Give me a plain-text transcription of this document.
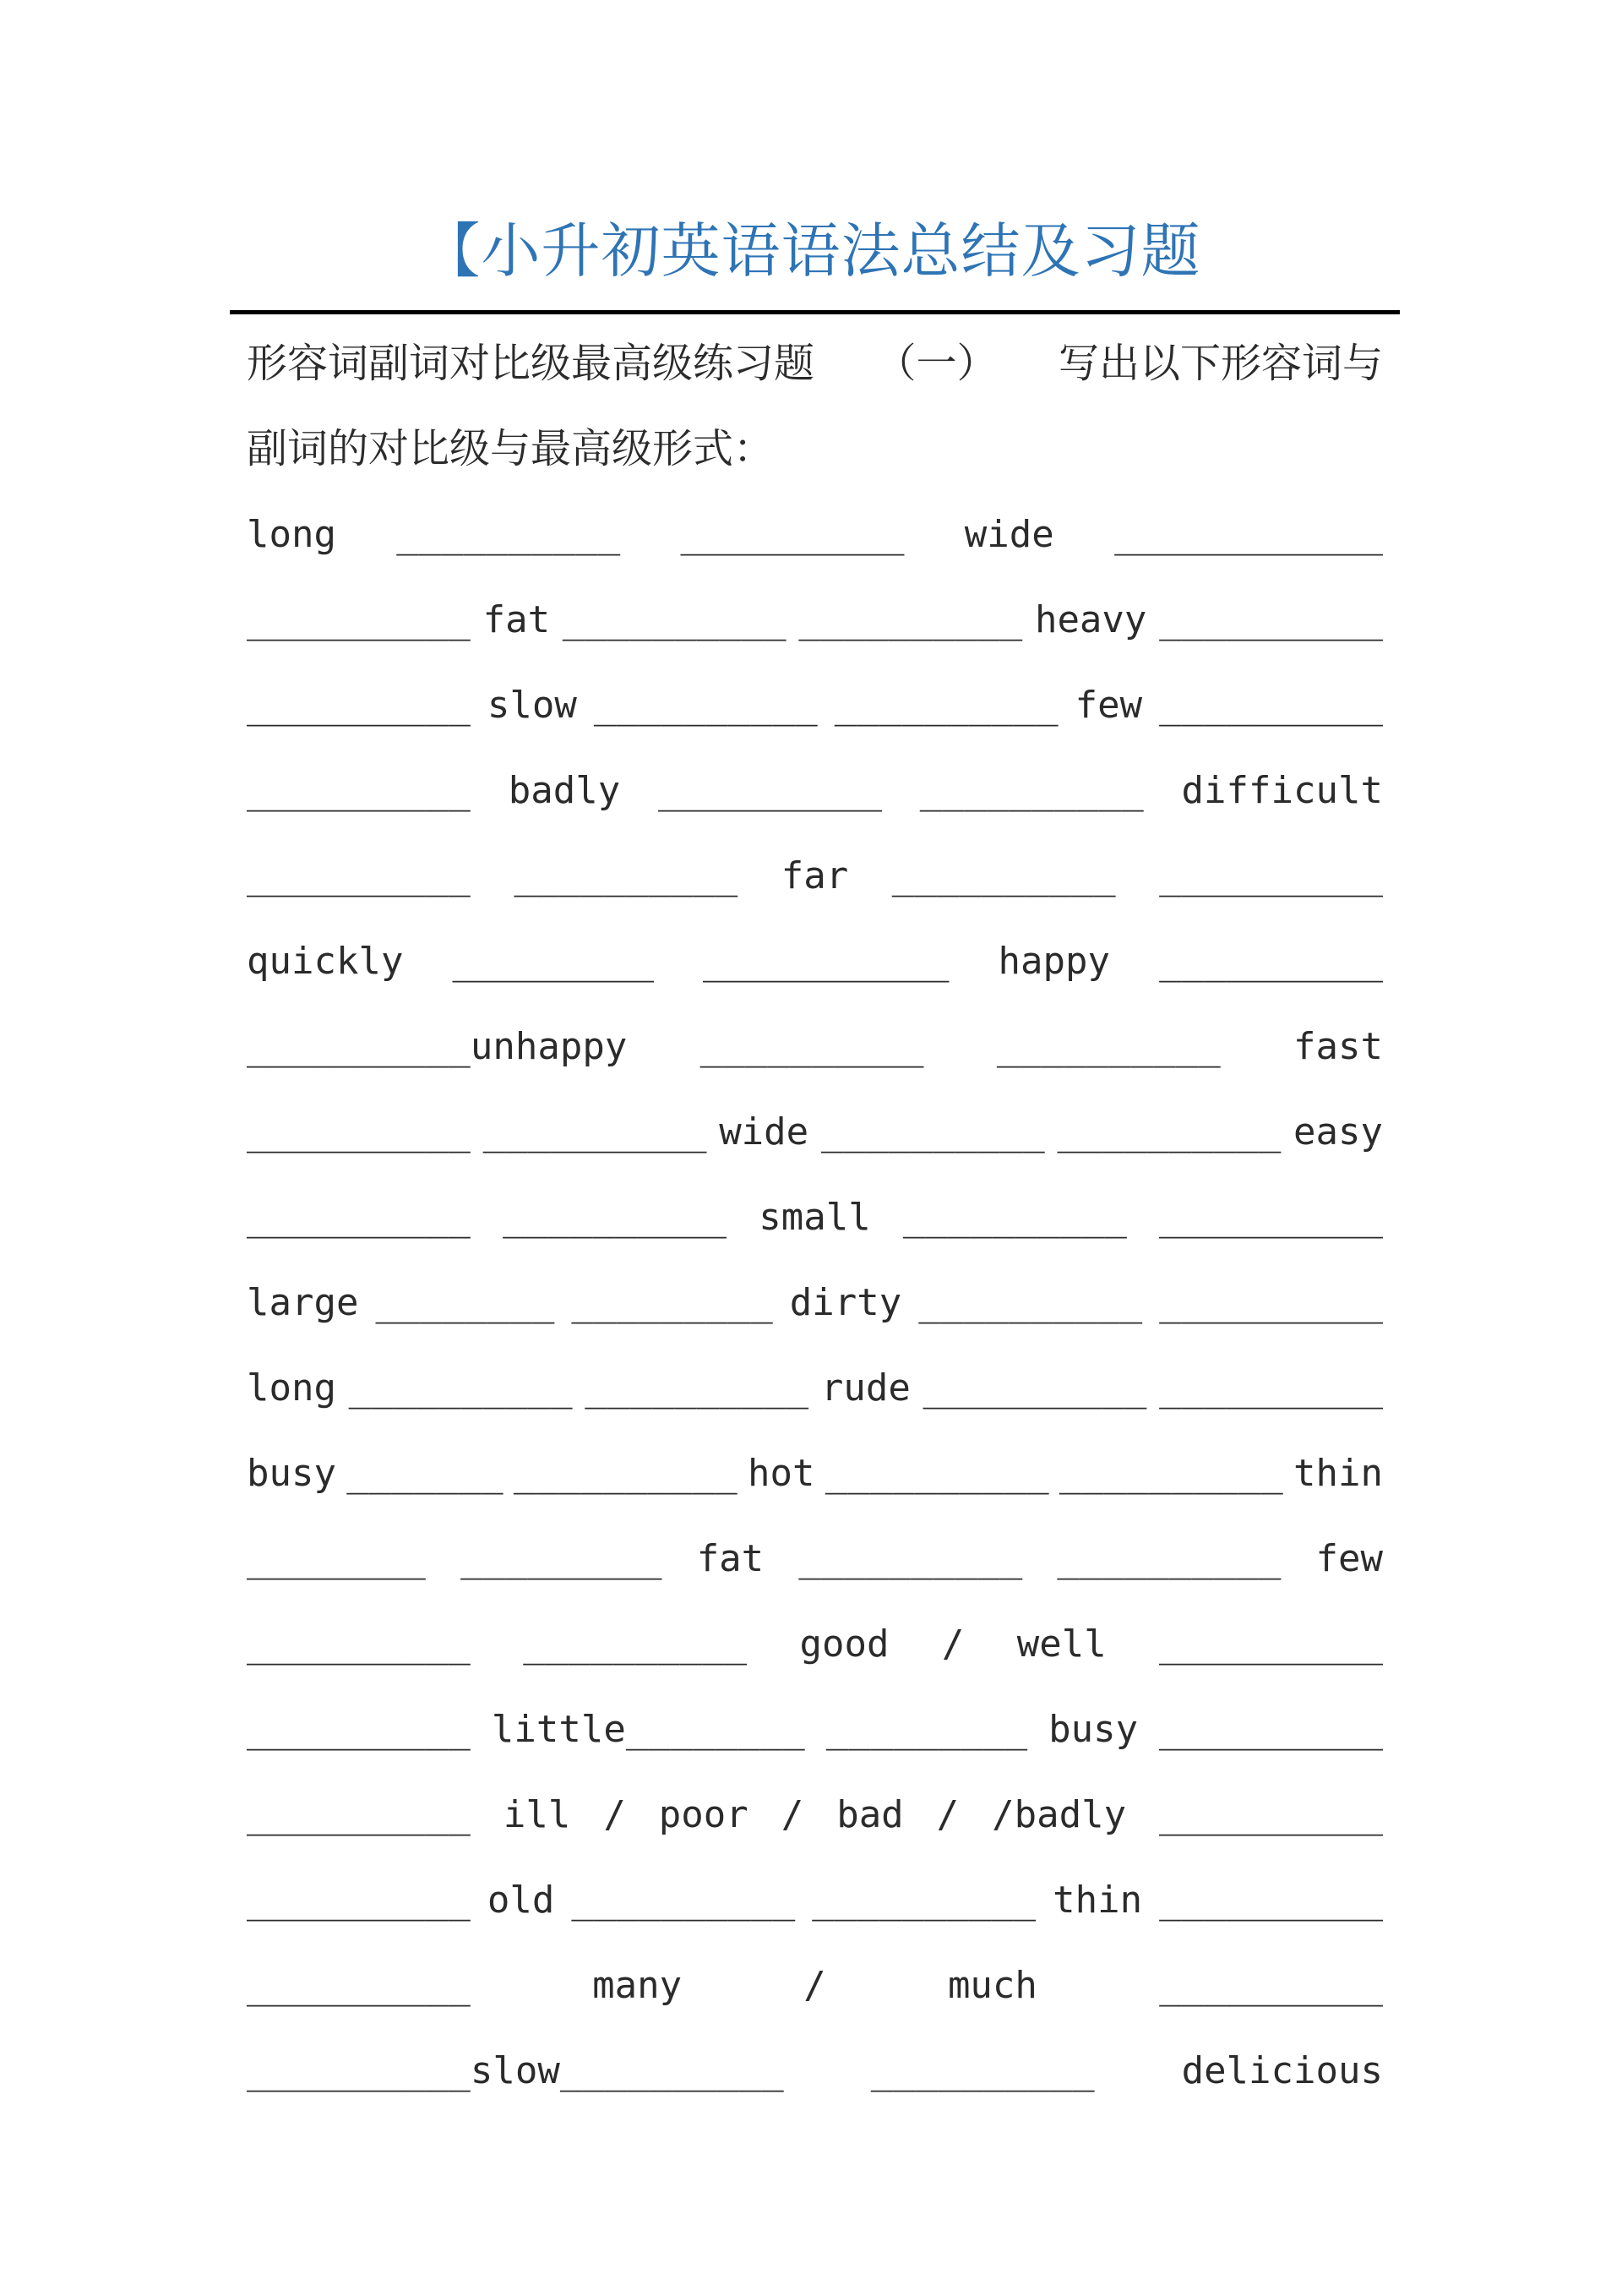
【小升初英语语法总结及习题
形容词副词对比级最高级练习题 （一） 写出以下形容词与
副词的对比级与最高级形式：
long __________ __________ wide ____________
__________ fat __________ __________ heavy __________
__________ slow __________ __________ few __________
__________ badly __________ __________ difficult
__________ __________ far __________ __________
quickly _________ ___________ happy __________
__________unhappy __________ __________ fast
__________ __________ wide __________ __________ easy
__________ __________ small __________ __________
large ________ _________ dirty __________ __________
long __________ __________ rude __________ __________
busy _______ __________ hot __________ __________ thin
________ _________ fat __________ __________ few
__________ __________ good / well __________
__________ little________ _________ busy __________
__________ ill / poor / bad / /badly __________
__________ old __________ __________ thin __________
__________	many	/	much	__________
__________slow__________ __________ delicious
